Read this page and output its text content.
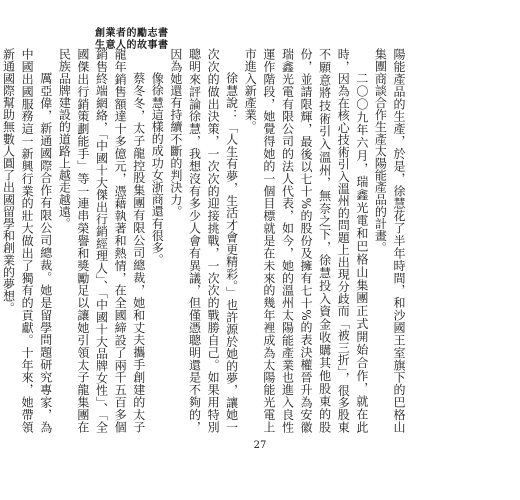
創業者的勵志書
生意人的故事書

陽能產品的生產，於是，徐慧花了半年時間，和沙國王室旗下的巴格山集團商談合作生產太陽能產品的計畫。

二〇〇九年六月，瑞鑫光電和巴格山集團正式開始合作，就在此時，因為在核心技術引入溫州的問題上出現分歧而「被三折」，很多股東不願意將技術引入溫州，無奈之下，徐慧投入資金收購其他股東的股份，並請限輝，最後以七十%的股份及擁有七十%的表決權晉升為安徽瑞鑫光電有限公司的法人代表，如今，她的溫州太陽能產業也進入良性運作階段，她覺得她的一個目標就是在未來的幾年裡成為太陽能光電上市進入新產業。

徐慧說：「人生有夢，生活才會更精彩。」也許源於她的夢，讓她一次次的做出決策，一次次的迎接挑戰，一次次的戰勝自己。如果用特別聰明來評論徐慧，我想沒有多少人會有異議，但僅憑聰明還是不夠的，因為她還有持續不斷的判決力。

像徐慧這樣的成功女浙商還有很多。

蔡冬冬，太子龍控股集團有限公司總裁，她和丈夫攜手創建的太子龍年銷售額達十多億元，憑藉執著和熱情，在全國締設了兩千五百多個銷售終端網絡，「中國十大傑出行銷經理人」、「中國十大品牌女性」、「全國傑出行銷策劃能手」等一連串榮譽和獎勵足以讓她引領太子龍集團在民族品牌建設的道路上越走越遠。

厲亞偉，新通國際合作有限公司總裁。她是留學問題研究專家，為中國出國服務這一新興行業的壯大做出了獨有的貢獻。十年來，她帶領新通國際幫助無數人圓了出國留學和創業的夢想。

27
